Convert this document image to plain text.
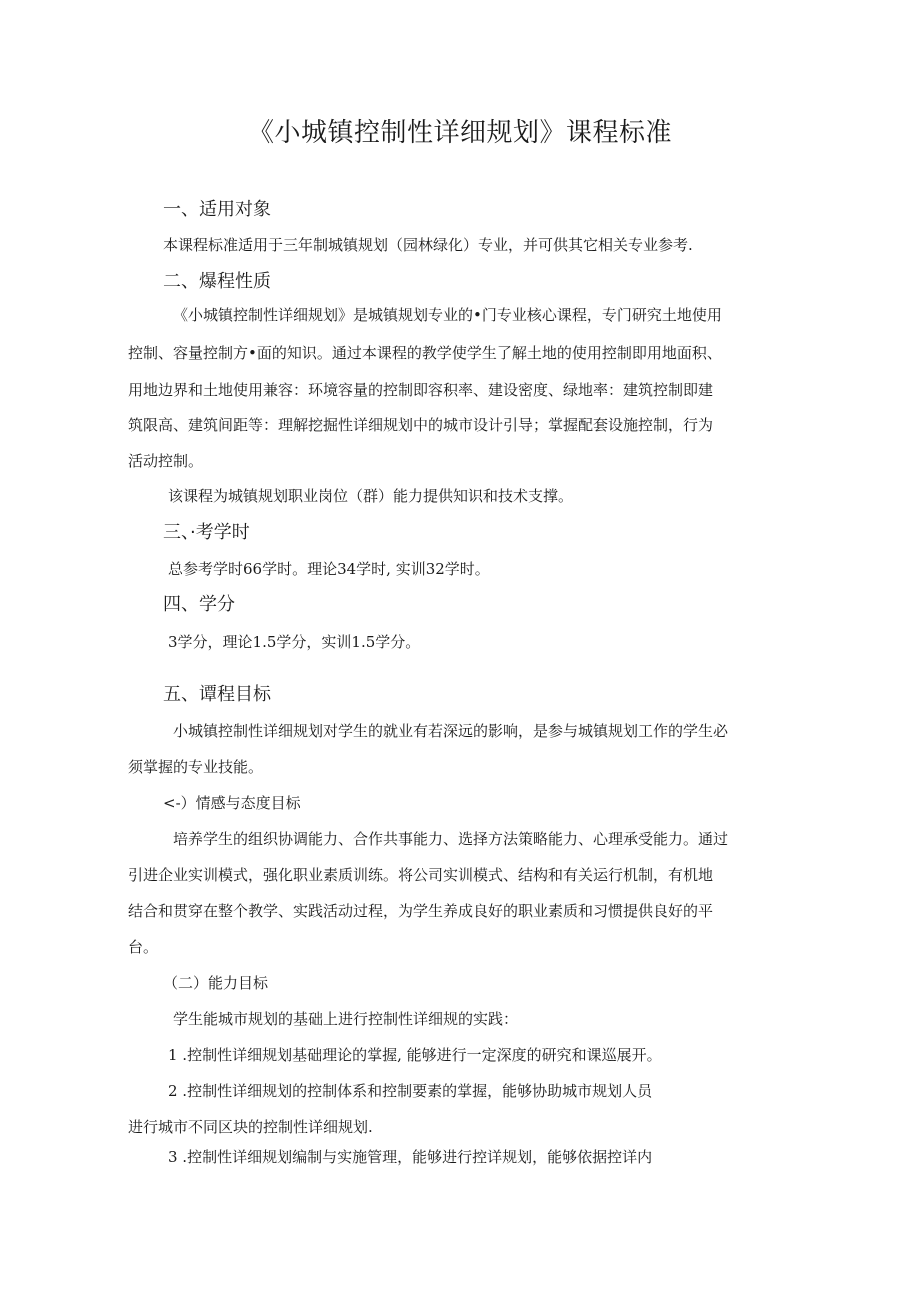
《小城镇控制性详细规划》课程标准
一、适用对象

本课程标准适用于三年制城镇规划（园林绿化）专业，并可供其它相关专业参考.

二、爆程性质

《小城镇控制性详细规划》是城镇规划专业的•门专业核心课程，专门研究土地使用

控制、容量控制方•面的知识。通过本课程的教学使学生了解土地的使用控制即用地面积、

用地边界和土地使用兼容：环境容量的控制即容积率、建设密度、绿地率：建筑控制即建

筑限高、建筑间距等：理解挖掘性详细规划中的城市设计引导；掌握配套设施控制，行为

活动控制。

该课程为城镇规划职业岗位（群）能力提供知识和技术支撑。

三、·考学时

总参考学时66学时。理论34学时, 实训32学时。

四、学分

3学分，理论1.5学分，实训1.5学分。

五、谭程目标

小城镇控制性详细规划对学生的就业有若深远的影响，是参与城镇规划工作的学生必

须掌握的专业技能。

<-）情感与态度目标

培养学生的组织协调能力、合作共事能力、选择方法策略能力、心理承受能力。通过

引进企业实训模式，强化职业素质训练。将公司实训模式、结构和有关运行机制，有机地

结合和贯穿在整个教学、实践活动过程，为学生养成良好的职业素质和习惯提供良好的平

台。

（二）能力目标

学生能城市规划的基础上进行控制性详细规的实践：

1 .控制性详细规划基础理论的掌握, 能够进行一定深度的研究和课巡展开。

2 .控制性详细规划的控制体系和控制要素的掌握，能够协助城市规划人员

进行城市不同区块的控制性详细规划.

3 .控制性详细规划编制与实施管理，能够进行控详规划，能够依据控详内
